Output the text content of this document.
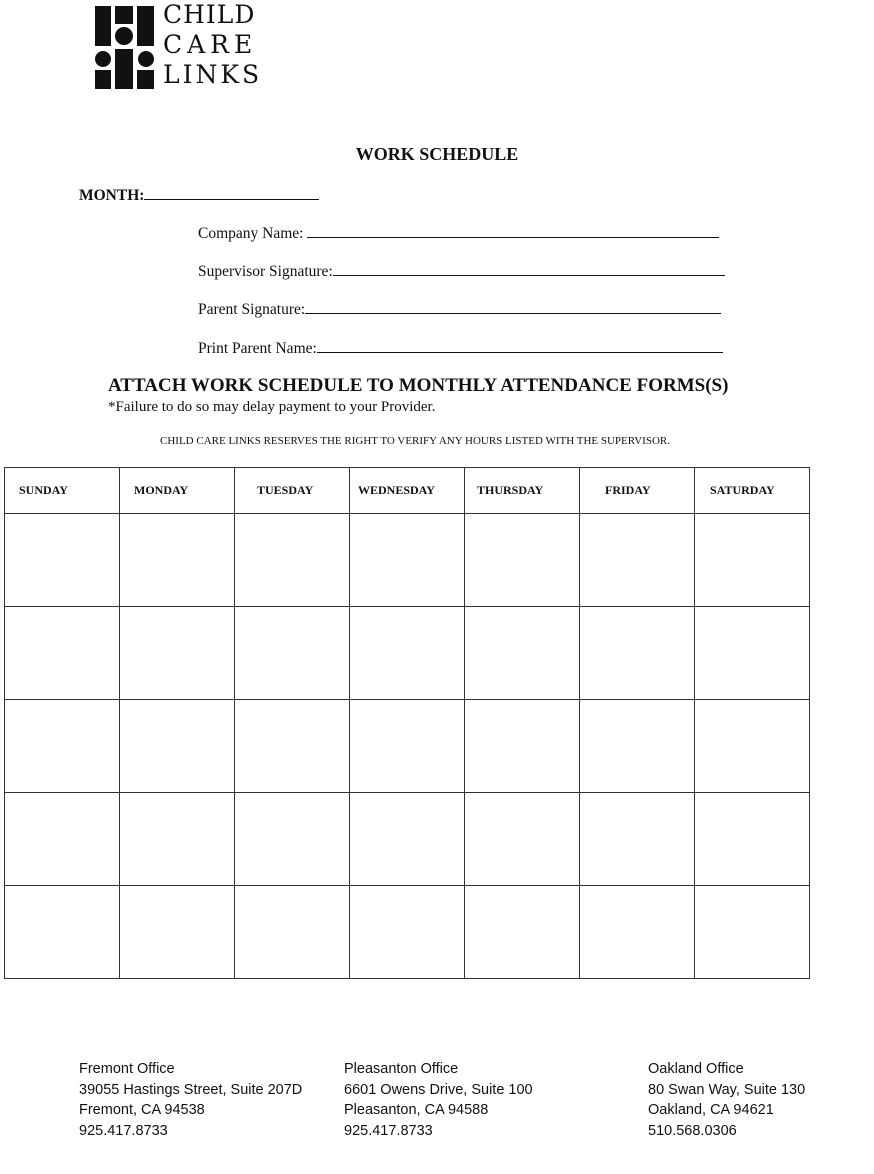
CHILD
CARE
LINKS
WORK SCHEDULE
MONTH:
Company Name:
Supervisor Signature:
Parent Signature:
Print Parent Name:
ATTACH WORK SCHEDULE TO MONTHLY ATTENDANCE FORMS(S)
*Failure to do so may delay payment to your Provider.
CHILD CARE LINKS RESERVES THE RIGHT TO VERIFY ANY HOURS LISTED WITH THE SUPERVISOR.
SUNDAY	MONDAY	TUESDAY	WEDNESDAY	THURSDAY	FRIDAY	SATURDAY

Fremont Office
39055 Hastings Street, Suite 207D
Fremont, CA 94538
925.417.8733
Pleasanton Office
6601 Owens Drive, Suite 100
Pleasanton, CA 94588
925.417.8733
Oakland Office
80 Swan Way, Suite 130
Oakland, CA 94621
510.568.0306
